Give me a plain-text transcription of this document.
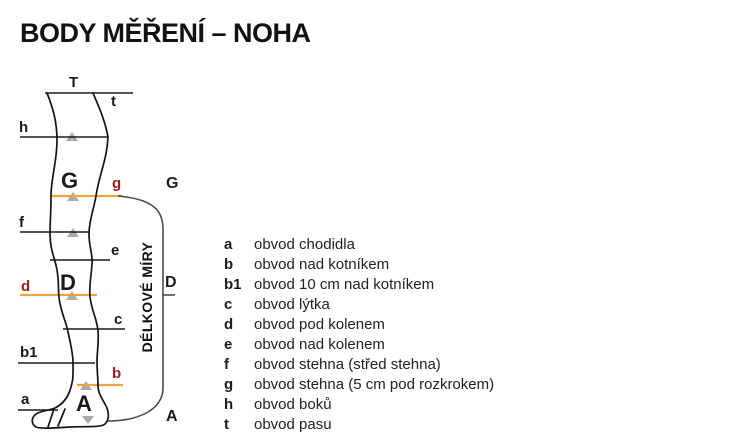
BODY MĚŘENÍ – NOHA
T
t
h
G g
f
e
D
d
c
b1
b
a A
G
D
A
DÉLKOVÉ MÍRY	a	obvod chodidla
b	obvod nad kotníkem
b1 obvod 10 cm nad kotníkem
c	obvod lýtka
d	obvod pod kolenem
e	obvod nad kolenem
f	obvod stehna (střed stehna)
g	obvod stehna (5 cm pod rozkrokem)
h	obvod boků
t	obvod pasu
